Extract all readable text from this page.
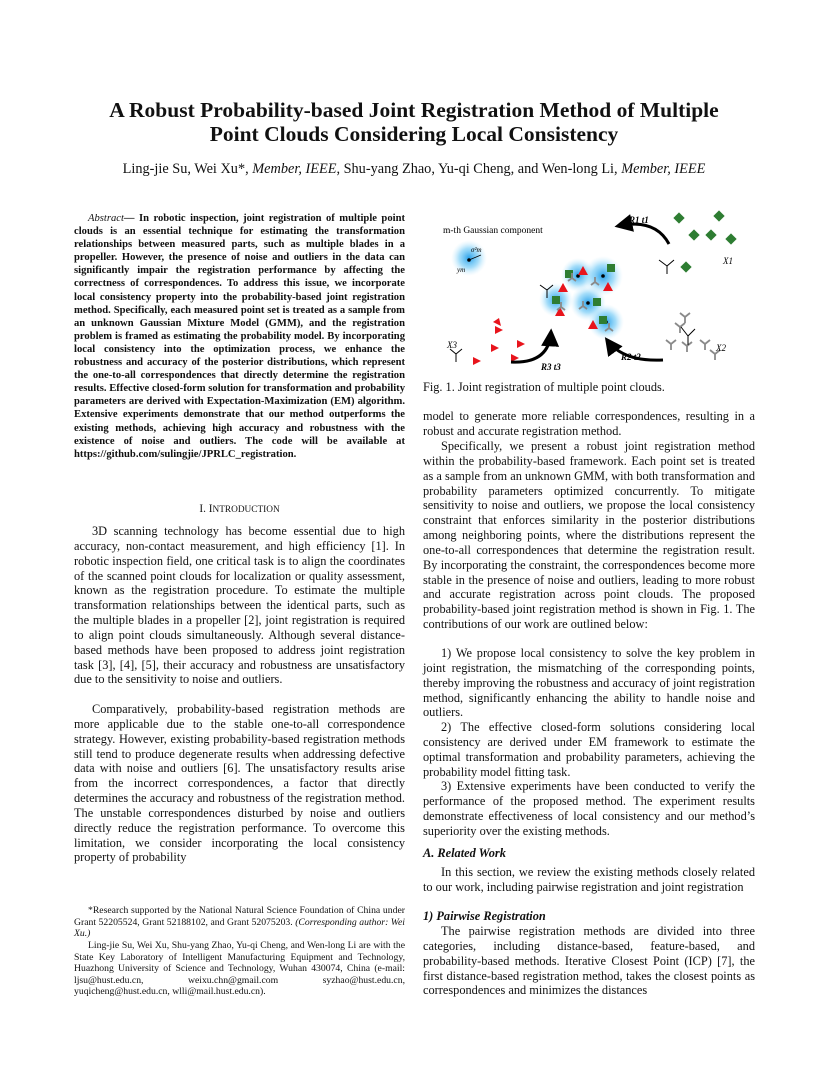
A Robust Probability-based Joint Registration Method of Multiple
Point Clouds Considering Local Consistency
Ling-jie Su, Wei Xu*, Member, IEEE, Shu-yang Zhao, Yu-qi Cheng, and Wen-long Li, Member, IEEE

Abstract— In robotic inspection, joint registration of multiple point clouds is an essential technique for estimating the transformation relationships between measured parts, such as multiple blades in a propeller. However, the presence of noise and outliers in the data can significantly impair the registration performance by affecting the correctness of correspondences. To address this issue, we incorporate local consistency property into the probability-based joint registration method. Specifically, each measured point set is treated as a sample from an unknown Gaussian Mixture Model (GMM), and the registration problem is framed as estimating the probability model. By incorporating local consistency into the optimization process, we enhance the robustness and accuracy of the posterior distributions, which represent the one-to-all correspondences that directly determine the registration results. Effective closed-form solution for transformation and probability parameters are derived with Expectation-Maximization (EM) algorithm. Extensive experiments demonstrate that our method outperforms the existing methods, achieving high accuracy and robustness with the existence of noise and outliers. The code will be available at https://github.com/sulingjie/JPRLC_registration.

I. INTRODUCTION

3D scanning technology has become essential due to high accuracy, non-contact measurement, and high efficiency [1]. In robotic inspection field, one critical task is to align the coordinates of the scanned point clouds for localization or quality assessment, known as the registration procedure. To estimate the multiple transformation relationships between the identical parts, such as the multiple blades in a propeller [2], joint registration is required to align point clouds simultaneously. Although several distance-based methods have been proposed to address joint registration task [3], [4], [5], their accuracy and robustness are unsatisfactory due to the sensitivity to noise and outliers.

Comparatively, probability-based registration methods are more applicable due to the stable one-to-all correspondence strategy. However, existing probability-based registration methods still tend to produce degenerate results when addressing defective data with noise and outliers [6]. The unsatisfactory results arise from the incorrect correspondences, a factor that directly determines the accuracy and robustness of the registration method. The unstable correspondences disturbed by noise and outliers directly reduce the registration performance. To overcome this limitation, we consider incorporating the local consistency property of probability

*Research supported by the National Natural Science Foundation of China under Grant 52205524, Grant 52188102, and Grant 52075203. (Corresponding author: Wei Xu.)

Ling-jie Su, Wei Xu, Shu-yang Zhao, Yu-qi Cheng, and Wen-long Li are with the State Key Laboratory of Intelligent Manufacturing Equipment and Technology, Huazhong University of Science and Technology, Wuhan 430074, China (e-mail: ljsu@hust.edu.cn, weixu.chn@gmail.com syzhao@hust.edu.cn, yuqicheng@hust.edu.cn, wlli@mail.hust.edu.cn).

m-th Gaussian component
σ²m
ym
X1
R1 t1
X2
R2 t2
X3
R3 t3
Fig. 1. Joint registration of multiple point clouds.

model to generate more reliable correspondences, resulting in a robust and accurate registration method.

Specifically, we present a robust joint registration method within the probability-based framework. Each point set is treated as a sample from an unknown GMM, with both transformation and probability parameters optimized concurrently. To mitigate sensitivity to noise and outliers, we propose the local consistency constraint that enforces similarity in the posterior distributions among neighboring points, where the distributions represent the one-to-all correspondences that determine the registration result. By incorporating the constraint, the correspondences become more stable in the presence of noise and outliers, leading to more robust and accurate registration across point clouds. The proposed probability-based joint registration method is shown in Fig. 1. The contributions of our work are outlined below:

1) We propose local consistency to solve the key problem in joint registration, the mismatching of the corresponding points, thereby improving the robustness and accuracy of joint registration method, significantly enhancing the ability to handle noise and outliers.

2) The effective closed-form solutions considering local consistency are derived under EM framework to estimate the optimal transformation and probability parameters, achieving the probability model fitting task.

3) Extensive experiments have been conducted to verify the performance of the proposed method. The experiment results demonstrate effectiveness of local consistency and our method’s superiority over the existing methods.

A. Related Work

In this section, we review the existing methods closely related to our work, including pairwise registration and joint registration

1) Pairwise Registration

The pairwise registration methods are divided into three categories, including distance-based, feature-based, and probability-based methods. Iterative Closest Point (ICP) [7], the first distance-based registration method, takes the closest points as correspondences and minimizes the distances
